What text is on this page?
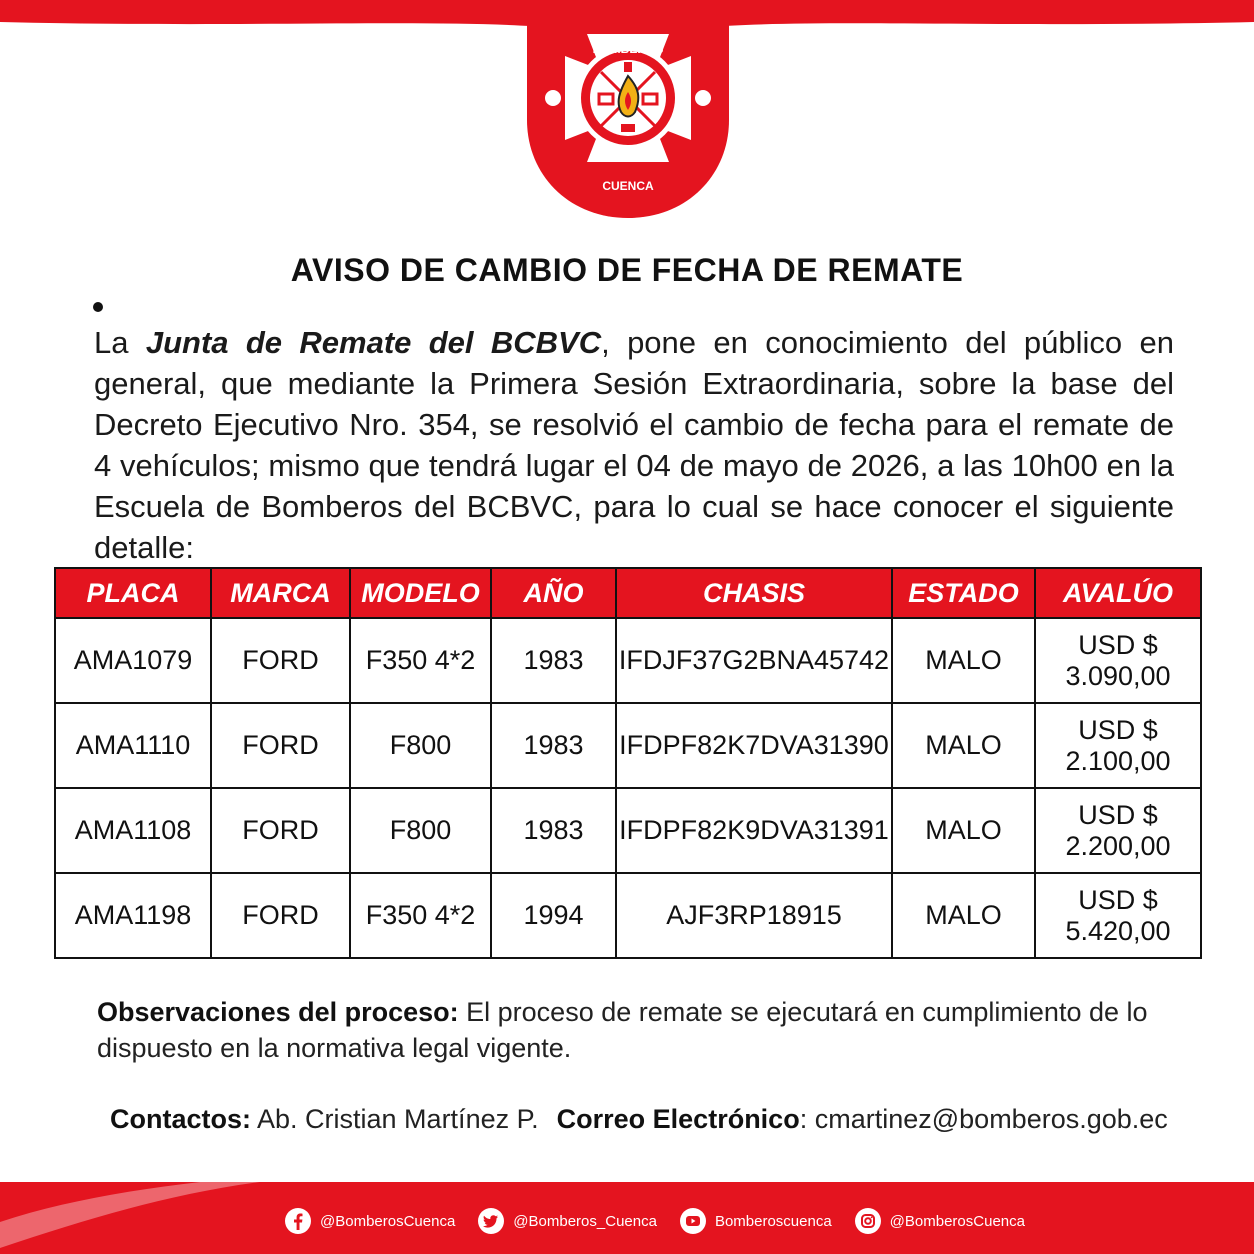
BOMBEROS
CUENCA
AVISO DE CAMBIO DE FECHA DE REMATE

La Junta de Remate del BCBVC, pone en conocimiento del público en general, que mediante la Primera Sesión Extraordinaria, sobre la base del Decreto Ejecutivo Nro. 354, se resolvió el cambio de fecha para el remate de 4 vehículos; mismo que tendrá lugar el 04 de mayo de 2026, a las 10h00 en la Escuela de Bomberos del BCBVC, para lo cual se hace conocer el siguiente detalle:

PLACA	MARCA	MODELO	AÑO	CHASIS	ESTADO	AVALÚO
AMA1079	FORD	F350 4*2	1983	IFDJF37G2BNA45742	MALO	USD $
3.090,00
AMA1110	FORD	F800	1983	IFDPF82K7DVA31390	MALO	USD $
2.100,00
AMA1108	FORD	F800	1983	IFDPF82K9DVA31391	MALO	USD $
2.200,00
AMA1198	FORD	F350 4*2	1994	AJF3RP18915	MALO	USD $
5.420,00

Observaciones del proceso: El proceso de remate se ejecutará en cumplimiento de lo dispuesto en la normativa legal vigente.

Contactos: Ab. Cristian Martínez P. Correo Electrónico: cmartinez@bomberos.gob.ec
@BomberosCuenca	@Bomberos_Cuenca	Bomberoscuenca	@BomberosCuenca
